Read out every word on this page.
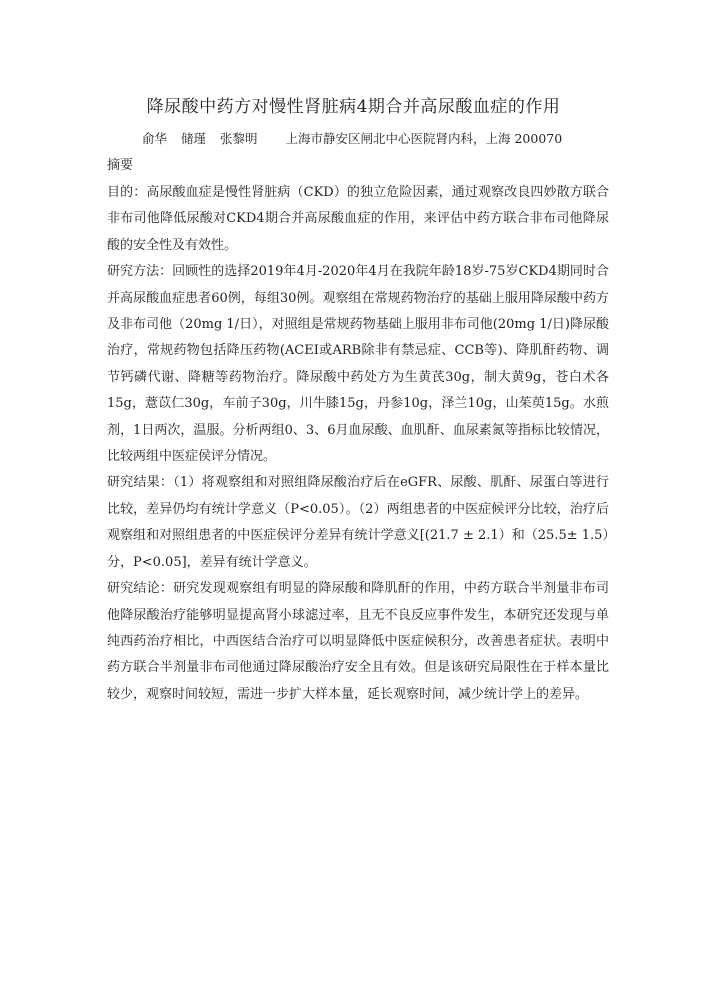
降尿酸中药方对慢性肾脏病4期合并高尿酸血症的作用
俞华 储瑾 张黎明 上海市静安区闸北中心医院肾内科，上海 200070
摘要

目的：高尿酸血症是慢性肾脏病（CKD）的独立危险因素，通过观察改良四妙散方联合非布司他降低尿酸对CKD4期合并高尿酸血症的作用，来评估中药方联合非布司他降尿酸的安全性及有效性。

研究方法：回顾性的选择2019年4月-2020年4月在我院年龄18岁-75岁CKD4期同时合并高尿酸血症患者60例，每组30例。观察组在常规药物治疗的基础上服用降尿酸中药方及非布司他（20mg 1/日），对照组是常规药物基础上服用非布司他(20mg 1/日)降尿酸治疗，常规药物包括降压药物(ACEI或ARB除非有禁忌症、CCB等)、降肌酐药物、调节钙磷代谢、降糖等药物治疗。降尿酸中药处方为生黄芪30g，制大黄9g，苍白术各15g，薏苡仁30g，车前子30g，川牛膝15g，丹参10g，泽兰10g，山茱萸15g。水煎剂，1日两次，温服。分析两组0、3、6月血尿酸、血肌酐、血尿素氮等指标比较情况，比较两组中医症侯评分情况。

研究结果：（1）将观察组和对照组降尿酸治疗后在eGFR、尿酸、肌酐、尿蛋白等进行比较，差异仍均有统计学意义（P<0.05）。（2）两组患者的中医症候评分比较，治疗后观察组和对照组患者的中医症侯评分差异有统计学意义[(21.7 ± 2.1）和（25.5± 1.5）分，P<0.05]，差异有统计学意义。

研究结论：研究发现观察组有明显的降尿酸和降肌酐的作用，中药方联合半剂量非布司他降尿酸治疗能够明显提高肾小球滤过率，且无不良反应事件发生，本研究还发现与单纯西药治疗相比，中西医结合治疗可以明显降低中医症候积分，改善患者症状。表明中药方联合半剂量非布司他通过降尿酸治疗安全且有效。但是该研究局限性在于样本量比较少，观察时间较短，需进一步扩大样本量，延长观察时间，减少统计学上的差异。
